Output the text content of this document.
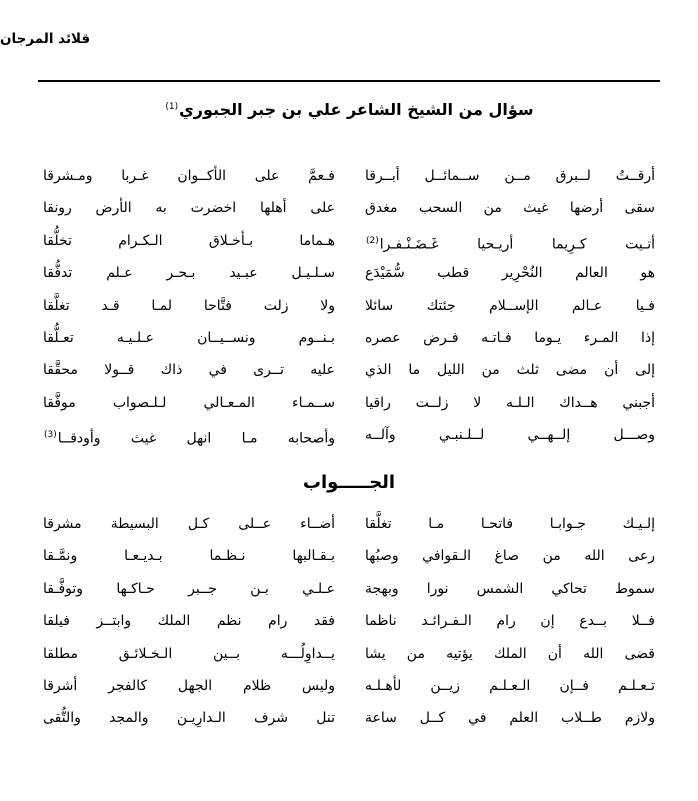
قلائد المرجان
سؤال من الشيخ الشاعر علي بن جبر الجبوري$^{(1)}$
أرقــتُ لــبرق مــن ســمائــل أبــرقا
سقى أرضها غيث من السحب مغدق
أتـيت كـرِيما أريـحيا غَـضَـنْـفـرا$^{(2)}$
هو العالم النُحْرِير قطب سُّمَيْدَع
فـيا عـالم الإســلام جئتك سائلا
إذا المـرء يـوما فـاتـه فـرض عصره
إلى أن مضى ثلث من الليل ما الذي
أجبني هــداك الـلـه لا زلــت راقيا
وصـــل إلــهــي لــلـنبـي وآلــه
فـعمَّ على الأكــوان غـربا ومـشرقا
على أهلها اخضرت به الأرض رونقا
هـماما بـأخـلاق الـكـرام تخلُّقا
سـلـيـل عبـيد بـحـر عـلم تدفُّقا
ولا زلت فتَّاحا لمـا قـد تغلَّقا
بـنــوم ونســيــان عـلـيـه تعـلُّقا
عليه تــرى في ذاك قــولا محقَّقا
ســمـاء المـعـالي لـلـصواب موفَّقا
وأصحابه مـا انهل غيث وأودقــا$^{(3)}$
الجـــــواب
إلـيـك جـوابـا فاتحـا مـا تغلَّقا
رعى الله من صاغ الـقوافي وصبُها
سموط تحاكي الشمس نورا وبهجة
فــلا بــدع إن رام الـفـرائـد ناظما
قضى الله أن الملك يؤتيه من يشا
تـعـلـم فــإن الـعـلـم زيــن لأهـلـه
ولازم طــلاب العلم في كــل ساعة
أضــاء عــلى كـل البسيطة مشرقا
بـقـالبها نـظـما بـديـعـا ونمَّـقا
عـلـي بـن جــبر حـاكـها وتوفَّـقا
فقد رام نظم الملك وابتــز فيلقا
يــداوِلُـــه بــين الـخـلائـق مطلقا
وليس ظلام الجهل كالفجر أشرقا
تنل شرف الـدارِيـن والمجد والتُّقى
